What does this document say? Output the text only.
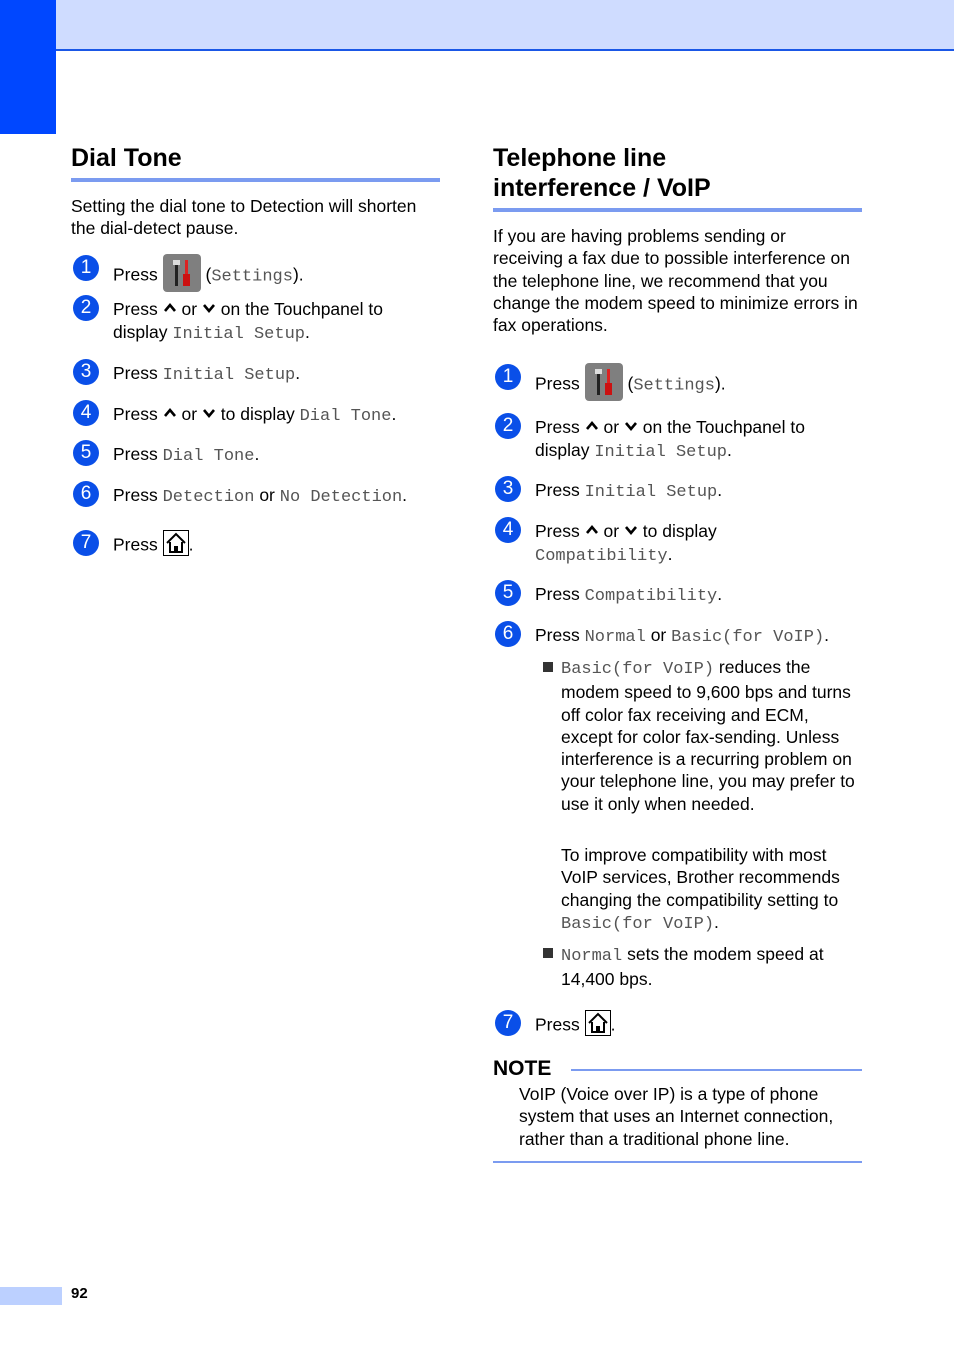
Dial Tone

Setting the dial tone to Detection will shorten the dial-detect pause.

1	Press	(Settings).
2	Press or on the Touchpanel to
display Initial Setup.
3	Press Initial Setup.
4	Press or to display Dial Tone.
5	Press Dial Tone.
6	Press Detection or No Detection.
7	Press .
Telephone line
interference / VoIP

If you are having problems sending or receiving a fax due to possible interference on the telephone line, we recommend that you change the modem speed to minimize errors in fax operations.

1	Press	(Settings).
2	Press or on the Touchpanel to
display Initial Setup.
3	Press Initial Setup.
4	Press or to display
Compatibility.
5	Press Compatibility.
6	Press Normal or Basic(for VoIP).
Basic(for VoIP) reduces the modem speed to 9,600 bps and turns off color fax receiving and ECM, except for color fax-sending. Unless interference is a recurring problem on your telephone line, you may prefer to use it only when needed.
To improve compatibility with most VoIP services, Brother recommends changing the compatibility setting to Basic(for VoIP).
Normal sets the modem speed at 14,400 bps.
7	Press .
NOTE

VoIP (Voice over IP) is a type of phone system that uses an Internet connection, rather than a traditional phone line.

92
